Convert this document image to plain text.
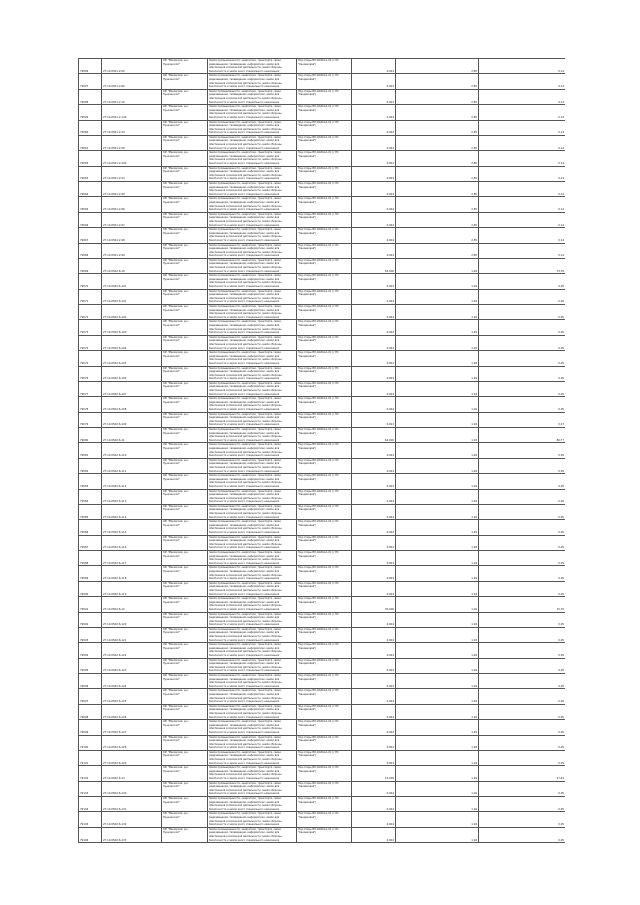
79006	27:14:0501:2-00	ОФ "Маковская, д.н. Пушкинской"	Земли промышленности, энергетики, транспорта, связи, радиовещания, телевидения, информатики, земли для обеспечения космической деятельности, земли обороны, безопасности и земли иного специального назначения	Под опоры ВЛ-10кВ №1-01 (с ПС "Кандаковая")	0,004	2,85	0,14
79007	27:14:0501:2-80	ОФ "Маковская, д.н. Пушкинской"	Земли промышленности, энергетики, транспорта, связи, радиовещания, телевидения, информатики, земли для обеспечения космической деятельности, земли обороны, безопасности и земли иного специального назначения	Под опоры ВЛ-10кВ №1-01 (с ПС "Кандаковая")	0,004	2,85	0,14
79008	27:14:0501:2-10	ОФ "Маковская, д.н. Пушкинской"	Земли промышленности, энергетики, транспорта, связи, радиовещания, телевидения, информатики, земли для обеспечения космической деятельности, земли обороны, безопасности и земли иного специального назначения	Под опоры ВЛ-10кВ №1-01 (с ПС "Кандаковая")	0,004	2,85	0,14
79009	27:14:0501:2-140	ОФ "Маковская, д.н. Пушкинской"	Земли промышленности, энергетики, транспорта, связи, радиовещания, телевидения, информатики, земли для обеспечения космической деятельности, земли обороны, безопасности и земли иного специального назначения	Под опоры ВЛ-10кВ №1-01 (с ПС "Кандаковая")	0,004	2,85	0,14
79060	27:14:0501:2-34	ОФ "Маковская, д.н. Пушкинской"	Земли промышленности, энергетики, транспорта, связи, радиовещания, телевидения, информатики, земли для обеспечения космической деятельности, земли обороны, безопасности и земли иного специального назначения	Под опоры ВЛ-10кВ №1-01 (с ПС "Кандаковая")	0,004	2,85	0,14
79061	27:14:0501:2-58	ОФ "Маковская, д.н. Пушкинской"	Земли промышленности, энергетики, транспорта, связи, радиовещания, телевидения, информатики, земли для обеспечения космической деятельности, земли обороны, безопасности и земли иного специального назначения	Под опоры ВЛ-10кВ №1-01 (с ПС "Кандаковая")	0,004	2,85	0,14
79062	27:14:0501:2-190	ОФ "Маковская, д.н. Пушкинской"	Земли промышленности, энергетики, транспорта, связи, радиовещания, телевидения, информатики, земли для обеспечения космической деятельности, земли обороны, безопасности и земли иного специального назначения	Под опоры ВЛ-10кВ №1-01 (с ПС "Кандаковая")	0,004	2,85	0,14
79063	27:14:0501:2-54	ОФ "Маковская, д.н. Пушкинской"	Земли промышленности, энергетики, транспорта, связи, радиовещания, телевидения, информатики, земли для обеспечения космической деятельности, земли обороны, безопасности и земли иного специального назначения	Под опоры ВЛ-10кВ №1-01 (с ПС "Кандаковая")	0,004	2,85	0,14
79064	27:14:0501:2-99	ОФ "Маковская, д.н. Пушкинской"	Земли промышленности, энергетики, транспорта, связи, радиовещания, телевидения, информатики, земли для обеспечения космической деятельности, земли обороны, безопасности и земли иного специального назначения	Под опоры ВЛ-10кВ №1-01 (с ПС "Кандаковая")	0,004	2,85	0,14
79065	27:14:0501:2-96	ОФ "Маковская, д.н. Пушкинской"	Земли промышленности, энергетики, транспорта, связи, радиовещания, телевидения, информатики, земли для обеспечения космической деятельности, земли обороны, безопасности и земли иного специального назначения	Под опоры ВЛ-10кВ №1-01 (с ПС "Кандаковая")	0,004	2,85	0,14
79066	27:14:0501:2-97	ОФ "Маковская, д.н. Пушкинской"	Земли промышленности, энергетики, транспорта, связи, радиовещания, телевидения, информатики, земли для обеспечения космической деятельности, земли обороны, безопасности и земли иного специального назначения	Под опоры ВЛ-10кВ №1-01 (с ПС "Кандаковая")	0,004	2,85	0,14
79067	27:14:0501:2-98	ОФ "Маковская, д.н. Пушкинской"	Земли промышленности, энергетики, транспорта, связи, радиовещания, телевидения, информатики, земли для обеспечения космической деятельности, земли обороны, безопасности и земли иного специального назначения	Под опоры ВЛ-10кВ №1-01 (с ПС "Кандаковая")	0,004	2,85	0,14
79068	27:14:0501:2-99	ОФ "Маковская, д.н. Пушкинской"	Земли промышленности, энергетики, транспорта, связи, радиовещания, телевидения, информатики, земли для обеспечения космической деятельности, земли обороны, безопасности и земли иного специального назначения	Под опоры ВЛ-10кВ №1-01 (с ПС "Кандаковая")	0,004	2,85	0,14
79069	27:14:0502:6-10	ОФ "Маковская, д.н. Пушкинской"	Земли промышленности, энергетики, транспорта, связи, радиовещания, телевидения, информатики, земли для обеспечения космической деятельности, земли обороны, безопасности и земли иного специального назначения	Под опоры ВЛ-10кВ №1-01 (с ПС "Кандаковая")	65,000	1,94	73,78
79070	27:14:0502:6-101	ОФ "Маковская, д.н. Пушкинской"	Земли промышленности, энергетики, транспорта, связи, радиовещания, телевидения, информатики, земли для обеспечения космической деятельности, земли обороны, безопасности и земли иного специального назначения	Под опоры ВЛ-10кВ №1-01 (с ПС "Кандаковая")	0,004	1,94	0,05
79071	27:14:0502:6-101	ОФ "Маковская, д.н. Пушкинской"	Земли промышленности, энергетики, транспорта, связи, радиовещания, телевидения, информатики, земли для обеспечения космической деятельности, земли обороны, безопасности и земли иного специального назначения	Под опоры ВЛ-10кВ №1-01 (с ПС "Кандаковая")	0,004	1,94	0,05
79072	27:14:0502:6-102	ОФ "Маковская, д.н. Пушкинской"	Земли промышленности, энергетики, транспорта, связи, радиовещания, телевидения, информатики, земли для обеспечения космической деятельности, земли обороны, безопасности и земли иного специального назначения	Под опоры ВЛ-10кВ №1-01 (с ПС "Кандаковая")	0,004	1,94	0,05
79073	27:14:0502:6-103	ОФ "Маковская, д.н. Пушкинской"	Земли промышленности, энергетики, транспорта, связи, радиовещания, телевидения, информатики, земли для обеспечения космической деятельности, земли обороны, безопасности и земли иного специального назначения	Под опоры ВЛ-10кВ №1-01 (с ПС "Кандаковая")	0,004	1,94	0,05
79074	27:14:0502:6-104	ОФ "Маковская, д.н. Пушкинской"	Земли промышленности, энергетики, транспорта, связи, радиовещания, телевидения, информатики, земли для обеспечения космической деятельности, земли обороны, безопасности и земли иного специального назначения	Под опоры ВЛ-10кВ №1-01 (с ПС "Кандаковая")	0,004	1,94	0,05
79075	27:14:0502:6-105	ОФ "Маковская, д.н. Пушкинской"	Земли промышленности, энергетики, транспорта, связи, радиовещания, телевидения, информатики, земли для обеспечения космической деятельности, земли обороны, безопасности и земли иного специального назначения	Под опоры ВЛ-10кВ №1-01 (с ПС "Кандаковая")	0,004	1,94	0,05
79076	27:14:0502:6-106	ОФ "Маковская, д.н. Пушкинской"	Земли промышленности, энергетики, транспорта, связи, радиовещания, телевидения, информатики, земли для обеспечения космической деятельности, земли обороны, безопасности и земли иного специального назначения	Под опоры ВЛ-10кВ №1-01 (с ПС "Кандаковая")	0,004	1,94	0,05
79077	27:14:0502:6-107	ОФ "Маковская, д.н. Пушкинской"	Земли промышленности, энергетики, транспорта, связи, радиовещания, телевидения, информатики, земли для обеспечения космической деятельности, земли обороны, безопасности и земли иного специального назначения	Под опоры ВЛ-10кВ №1-01 (с ПС "Кандаковая")	0,004	1,94	0,05
79078	27:14:0502:6-108	ОФ "Маковская, д.н. Пушкинской"	Земли промышленности, энергетики, транспорта, связи, радиовещания, телевидения, информатики, земли для обеспечения космической деятельности, земли обороны, безопасности и земли иного специального назначения	Под опоры ВЛ-10кВ №1-01 (с ПС "Кандаковая")	0,004	1,94	0,05
79079	27:14:0502:6-109	ОФ "Маковская, д.н. Пушкинской"	Земли промышленности, энергетики, транспорта, связи, радиовещания, телевидения, информатики, земли для обеспечения космической деятельности, земли обороны, безопасности и земли иного специального назначения	Под опоры ВЛ-10кВ №1-01 (с ПС "Кандаковая")	0,022	1,94	0,27
79080	27:14:0502:6-11	ОФ "Маковская, д.н. Пушкинской"	Земли промышленности, энергетики, транспорта, связи, радиовещания, телевидения, информатики, земли для обеспечения космической деятельности, земли обороны, безопасности и земли иного специального назначения	Под опоры ВЛ-10кВ №1-01 (с ПС "Кандаковая")	64,000	1,94	86,77
79081	27:14:0502:6-110	ОФ "Маковская, д.н. Пушкинской"	Земли промышленности, энергетики, транспорта, связи, радиовещания, телевидения, информатики, земли для обеспечения космической деятельности, земли обороны, безопасности и земли иного специального назначения	Под опоры ВЛ-10кВ №1-01 (с ПС "Кандаковая")	0,004	1,94	0,05
79082	27:14:0502:6-111	ОФ "Маковская, д.н. Пушкинской"	Земли промышленности, энергетики, транспорта, связи, радиовещания, телевидения, информатики, земли для обеспечения космической деятельности, земли обороны, безопасности и земли иного специального назначения	Под опоры ВЛ-10кВ №1-01 (с ПС "Кандаковая")	0,004	1,94	0,05
79083	27:14:0502:6-112	ОФ "Маковская, д.н. Пушкинской"	Земли промышленности, энергетики, транспорта, связи, радиовещания, телевидения, информатики, земли для обеспечения космической деятельности, земли обороны, безопасности и земли иного специального назначения	Под опоры ВЛ-10кВ №1-01 (с ПС "Кандаковая")	0,004	1,94	0,05
79084	27:14:0502:6-113	ОФ "Маковская, д.н. Пушкинской"	Земли промышленности, энергетики, транспорта, связи, радиовещания, телевидения, информатики, земли для обеспечения космической деятельности, земли обороны, безопасности и земли иного специального назначения	Под опоры ВЛ-10кВ №1-01 (с ПС "Кандаковая")	0,004	1,94	0,05
79085	27:14:0502:6-114	ОФ "Маковская, д.н. Пушкинской"	Земли промышленности, энергетики, транспорта, связи, радиовещания, телевидения, информатики, земли для обеспечения космической деятельности, земли обороны, безопасности и земли иного специального назначения	Под опоры ВЛ-10кВ №1-01 (с ПС "Кандаковая")	0,004	1,94	0,05
79086	27:14:0502:6-115	ОФ "Маковская, д.н. Пушкинской"	Земли промышленности, энергетики, транспорта, связи, радиовещания, телевидения, информатики, земли для обеспечения космической деятельности, земли обороны, безопасности и земли иного специального назначения	Под опоры ВЛ-10кВ №1-01 (с ПС "Кандаковая")	0,004	1,94	0,05
79087	27:14:0502:6-116	ОФ "Маковская, д.н. Пушкинской"	Земли промышленности, энергетики, транспорта, связи, радиовещания, телевидения, информатики, земли для обеспечения космической деятельности, земли обороны, безопасности и земли иного специального назначения	Под опоры ВЛ-10кВ №1-01 (с ПС "Кандаковая")	0,004	1,94	0,05
79088	27:14:0502:6-117	ОФ "Маковская, д.н. Пушкинской"	Земли промышленности, энергетики, транспорта, связи, радиовещания, телевидения, информатики, земли для обеспечения космической деятельности, земли обороны, безопасности и земли иного специального назначения	Под опоры ВЛ-10кВ №1-01 (с ПС "Кандаковая")	0,004	1,94	0,05
79089	27:14:0502:6-118	ОФ "Маковская, д.н. Пушкинской"	Земли промышленности, энергетики, транспорта, связи, радиовещания, телевидения, информатики, земли для обеспечения космической деятельности, земли обороны, безопасности и земли иного специального назначения	Под опоры ВЛ-10кВ №1-01 (с ПС "Кандаковая")	0,004	1,94	0,05
79090	27:14:0502:6-119	ОФ "Маковская, д.н. Пушкинской"	Земли промышленности, энергетики, транспорта, связи, радиовещания, телевидения, информатики, земли для обеспечения космической деятельности, земли обороны, безопасности и земли иного специального назначения	Под опоры ВЛ-10кВ №1-01 (с ПС "Кандаковая")	0,004	1,94	0,05
79091	27:14:0502:6-12	ОФ "Маковская, д.н. Пушкинской"	Земли промышленности, энергетики, транспорта, связи, радиовещания, телевидения, информатики, земли для обеспечения космической деятельности, земли обороны, безопасности и земли иного специального назначения	Под опоры ВЛ-10кВ №1-01 (с ПС "Кандаковая")	30,000	1,94	15,70
79092	27:14:0502:6-120	ОФ "Маковская, д.н. Пушкинской"	Земли промышленности, энергетики, транспорта, связи, радиовещания, телевидения, информатики, земли для обеспечения космической деятельности, земли обороны, безопасности и земли иного специального назначения	Под опоры ВЛ-10кВ №1-01 (с ПС "Кандаковая")	0,004	1,94	0,05
79093	27:14:0502:6-121	ОФ "Маковская, д.н. Пушкинской"	Земли промышленности, энергетики, транспорта, связи, радиовещания, телевидения, информатики, земли для обеспечения космической деятельности, земли обороны, безопасности и земли иного специального назначения	Под опоры ВЛ-10кВ №1-01 (с ПС "Кандаковая")	0,004	1,94	0,05
79094	27:14:0502:6-122	ОФ "Маковская, д.н. Пушкинской"	Земли промышленности, энергетики, транспорта, связи, радиовещания, телевидения, информатики, земли для обеспечения космической деятельности, земли обороны, безопасности и земли иного специального назначения	Под опоры ВЛ-10кВ №1-01 (с ПС "Кандаковая")	0,004	1,94	0,05
79095	27:14:0502:6-123	ОФ "Маковская, д.н. Пушкинской"	Земли промышленности, энергетики, транспорта, связи, радиовещания, телевидения, информатики, земли для обеспечения космической деятельности, земли обороны, безопасности и земли иного специального назначения	Под опоры ВЛ-10кВ №1-01 (с ПС "Кандаковая")	0,004	1,94	0,05
79096	27:14:0502:6-124	ОФ "Маковская, д.н. Пушкинской"	Земли промышленности, энергетики, транспорта, связи, радиовещания, телевидения, информатики, земли для обеспечения космической деятельности, земли обороны, безопасности и земли иного специального назначения	Под опоры ВЛ-10кВ №1-01 (с ПС "Кандаковая")	0,004	1,94	0,05
79097	27:14:0502:6-125	ОФ "Маковская, д.н. Пушкинской"	Земли промышленности, энергетики, транспорта, связи, радиовещания, телевидения, информатики, земли для обеспечения космической деятельности, земли обороны, безопасности и земли иного специального назначения	Под опоры ВЛ-10кВ №1-01 (с ПС "Кандаковая")	0,004	1,94	0,05
79098	27:14:0502:6-126	ОФ "Маковская, д.н. Пушкинской"	Земли промышленности, энергетики, транспорта, связи, радиовещания, телевидения, информатики, земли для обеспечения космической деятельности, земли обороны, безопасности и земли иного специального назначения	Под опоры ВЛ-10кВ №1-01 (с ПС "Кандаковая")	0,004	1,94	0,05
79099	27:14:0502:6-127	ОФ "Маковская, д.н. Пушкинской"	Земли промышленности, энергетики, транспорта, связи, радиовещания, телевидения, информатики, земли для обеспечения космической деятельности, земли обороны, безопасности и земли иного специального назначения	Под опоры ВЛ-10кВ №1-01 (с ПС "Кандаковая")	0,004	1,94	0,05
79100	27:14:0502:6-128	ОФ "Маковская, д.н. Пушкинской"	Земли промышленности, энергетики, транспорта, связи, радиовещания, телевидения, информатики, земли для обеспечения космической деятельности, земли обороны, безопасности и земли иного специального назначения	Под опоры ВЛ-10кВ №1-01 (с ПС "Кандаковая")	0,004	1,94	0,05
79101	27:14:0502:6-129	ОФ "Маковская, д.н. Пушкинской"	Земли промышленности, энергетики, транспорта, связи, радиовещания, телевидения, информатики, земли для обеспечения космической деятельности, земли обороны, безопасности и земли иного специального назначения	Под опоры ВЛ-10кВ №1-01 (с ПС "Кандаковая")	0,004	1,94	0,05
79102	27:14:0502:6-13	ОФ "Маковская, д.н. Пушкинской"	Земли промышленности, энергетики, транспорта, связи, радиовещания, телевидения, информатики, земли для обеспечения космической деятельности, земли обороны, безопасности и земли иного специального назначения	Под опоры ВЛ-10кВ №1-01 (с ПС "Кандаковая")	10,000	1,94	27,64
79103	27:14:0502:6-130	ОФ "Маковская, д.н. Пушкинской"	Земли промышленности, энергетики, транспорта, связи, радиовещания, телевидения, информатики, земли для обеспечения космической деятельности, земли обороны, безопасности и земли иного специального назначения	Под опоры ВЛ-10кВ №1-01 (с ПС "Кандаковая")	0,004	1,94	0,05
79104	27:14:0502:6-131	ОФ "Маковская, д.н. Пушкинской"	Земли промышленности, энергетики, транспорта, связи, радиовещания, телевидения, информатики, земли для обеспечения космической деятельности, земли обороны, безопасности и земли иного специального назначения	Под опоры ВЛ-10кВ №1-01 (с ПС "Кандаковая")	0,004	1,94	0,05
79105	27:14:0502:6-132	ОФ "Маковская, д.н. Пушкинской"	Земли промышленности, энергетики, транспорта, связи, радиовещания, телевидения, информатики, земли для обеспечения космической деятельности, земли обороны, безопасности и земли иного специального назначения	Под опоры ВЛ-10кВ №1-01 (с ПС "Кандаковая")	0,004	1,94	0,05
79106	27:14:0502:6-133	ОФ "Маковская, д.н. Пушкинской"	Земли промышленности, энергетики, транспорта, связи, радиовещания, телевидения, информатики, земли для обеспечения космической деятельности, земли обороны, безопасности и земли иного специального назначения	Под опоры ВЛ-10кВ №1-01 (с ПС "Кандаковая")	0,004	1,94	0,05
